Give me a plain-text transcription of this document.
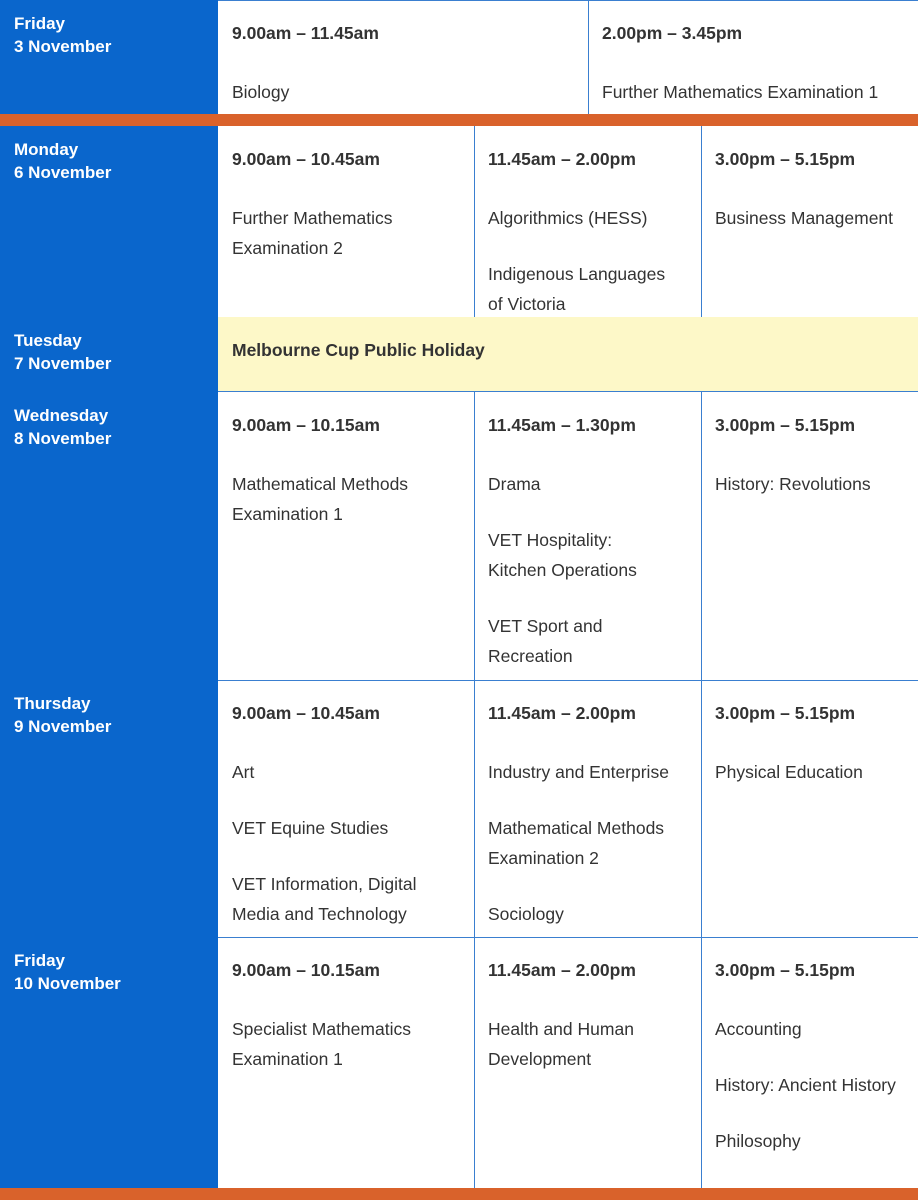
Friday
3 November
9.00am – 11.45am
Biology
2.00pm – 3.45pm
Further Mathematics Examination 1
Monday
6 November
9.00am – 10.45am
Further Mathematics
Examination 2
11.45am – 2.00pm
Algorithmics (HESS)
Indigenous Languages
of Victoria
3.00pm – 5.15pm
Business Management
Tuesday
7 November
Melbourne Cup Public Holiday
Wednesday
8 November
9.00am – 10.15am
Mathematical Methods
Examination 1
11.45am – 1.30pm
Drama
VET Hospitality:
Kitchen Operations
VET Sport and
Recreation
3.00pm – 5.15pm
History: Revolutions
Thursday
9 November
9.00am – 10.45am
Art
VET Equine Studies
VET Information, Digital
Media and Technology
11.45am – 2.00pm
Industry and Enterprise
Mathematical Methods
Examination 2
Sociology
3.00pm – 5.15pm
Physical Education
Friday
10 November
9.00am – 10.15am
Specialist Mathematics
Examination 1
11.45am – 2.00pm
Health and Human
Development
3.00pm – 5.15pm
Accounting
History: Ancient History
Philosophy
